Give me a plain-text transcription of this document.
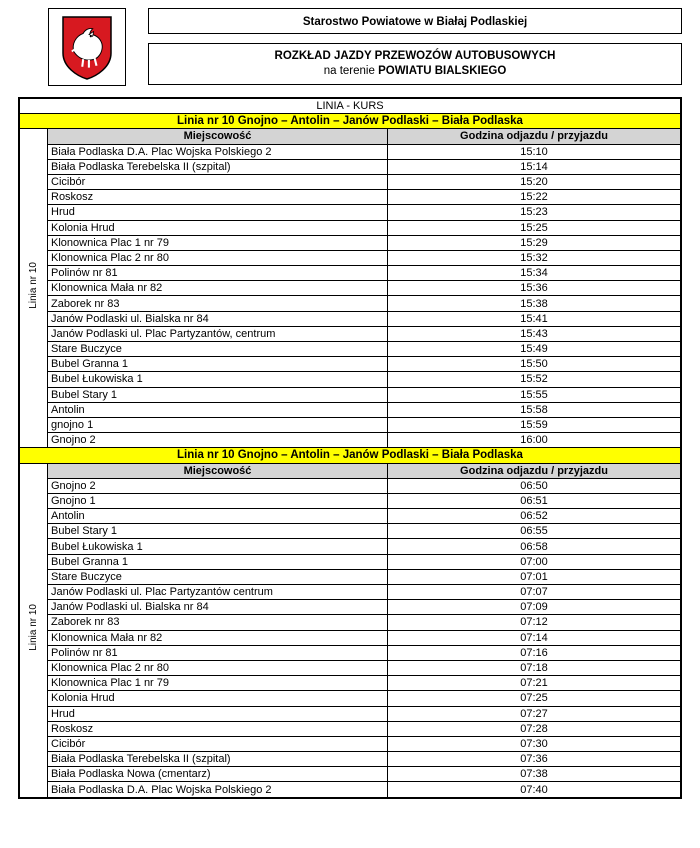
Starostwo Powiatowe w Białaj Podlaskiej
ROZKŁAD JAZDY PRZEWOZÓW AUTOBUSOWYCH
na terenie POWIATU BIALSKIEGO
LINIA - KURS		
Linia nr 10 Gnojno – Antolin – Janów Podlaski – Biała Podlaska		
Linia nr 10	Miejscowość	Godzina odjazdu / przyjazdu
	Biała Podlaska D.A. Plac Wojska Polskiego 2	15:10
	Biała Podlaska Terebelska II (szpital)	15:14
	Cicibór	15:20
	Roskosz	15:22
	Hrud	15:23
	Kolonia Hrud	15:25
	Klonownica Plac 1 nr 79	15:29
	Klonownica Plac 2 nr 80	15:32
	Polinów nr 81	15:34
	Klonownica Mała nr 82	15:36
	Zaborek nr 83	15:38
	Janów Podlaski ul. Bialska nr 84	15:41
	Janów Podlaski ul. Plac Partyzantów, centrum	15:43
	Stare Buczyce	15:49
	Bubel Granna 1	15:50
	Bubel Łukowiska 1	15:52
	Bubel Stary 1	15:55
	Antolin	15:58
	gnojno 1	15:59
	Gnojno 2	16:00
Linia nr 10 Gnojno – Antolin – Janów Podlaski – Biała Podlaska		
Linia nr 10	Miejscowość	Godzina odjazdu / przyjazdu
	Gnojno 2	06:50
	Gnojno 1	06:51
	Antolin	06:52
	Bubel Stary 1	06:55
	Bubel Łukowiska 1	06:58
	Bubel Granna 1	07:00
	Stare Buczyce	07:01
	Janów Podlaski ul. Plac Partyzantów centrum	07:07
	Janów Podlaski ul. Bialska nr 84	07:09
	Zaborek nr 83	07:12
	Klonownica Mała nr 82	07:14
	Polinów nr 81	07:16
	Klonownica Plac 2 nr 80	07:18
	Klonownica Plac 1 nr 79	07:21
	Kolonia Hrud	07:25
	Hrud	07:27
	Roskosz	07:28
	Cicibór	07:30
	Biała Podlaska Terebelska II (szpital)	07:36
	Biała Podlaska Nowa (cmentarz)	07:38
	Biała Podlaska D.A. Plac Wojska Polskiego 2	07:40
